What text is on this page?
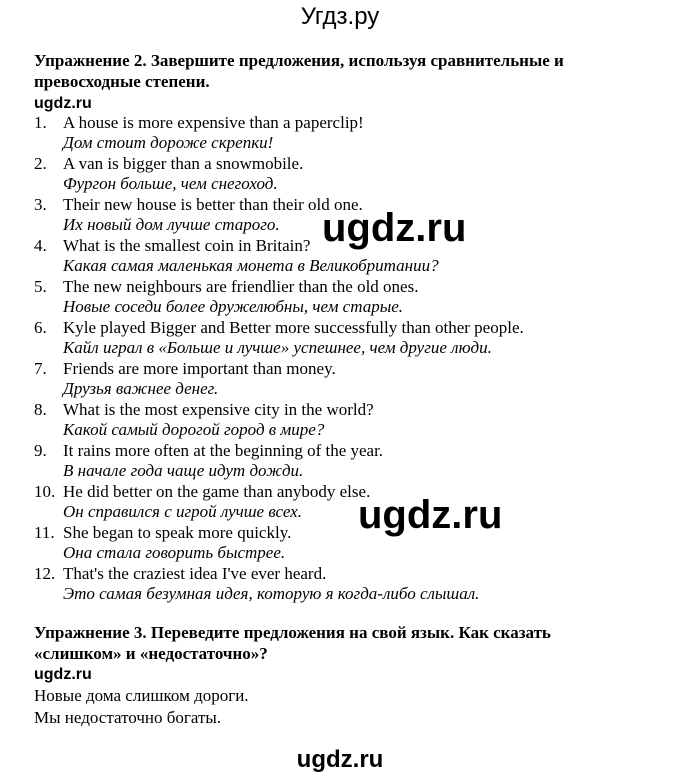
Угдз.ру
Упражнение 2. Завершите предложения, используя сравнительные и превосходные степени.
ugdz.ru
1. A house is more expensive than a paperclip!
Дом стоит дороже скрепки!
2. A van is bigger than a snowmobile.
Фургон больше, чем снегоход.
3. Their new house is better than their old one.
Их новый дом лучше старого.
4. What is the smallest coin in Britain?
Какая самая маленькая монета в Великобритании?
5. The new neighbours are friendlier than the old ones.
Новые соседи более дружелюбны, чем старые.
6. Kyle played Bigger and Better more successfully than other people.
Кайл играл в «Больше и лучше» успешнее, чем другие люди.
7. Friends are more important than money.
Друзья важнее денег.
8. What is the most expensive city in the world?
Какой самый дорогой город в мире?
9. It rains more often at the beginning of the year.
В начале года чаще идут дожди.
10. He did better on the game than anybody else.
Он справился с игрой лучше всех.
11. She began to speak more quickly.
Она стала говорить быстрее.
12. That's the craziest idea I've ever heard.
Это самая безумная идея, которую я когда-либо слышал.
Упражнение 3. Переведите предложения на свой язык. Как сказать «слишком» и «недостаточно»?
ugdz.ru
Новые дома слишком дороги.
Мы недостаточно богаты.
ugdz.ru
ugdz.ru
ugdz.ru
